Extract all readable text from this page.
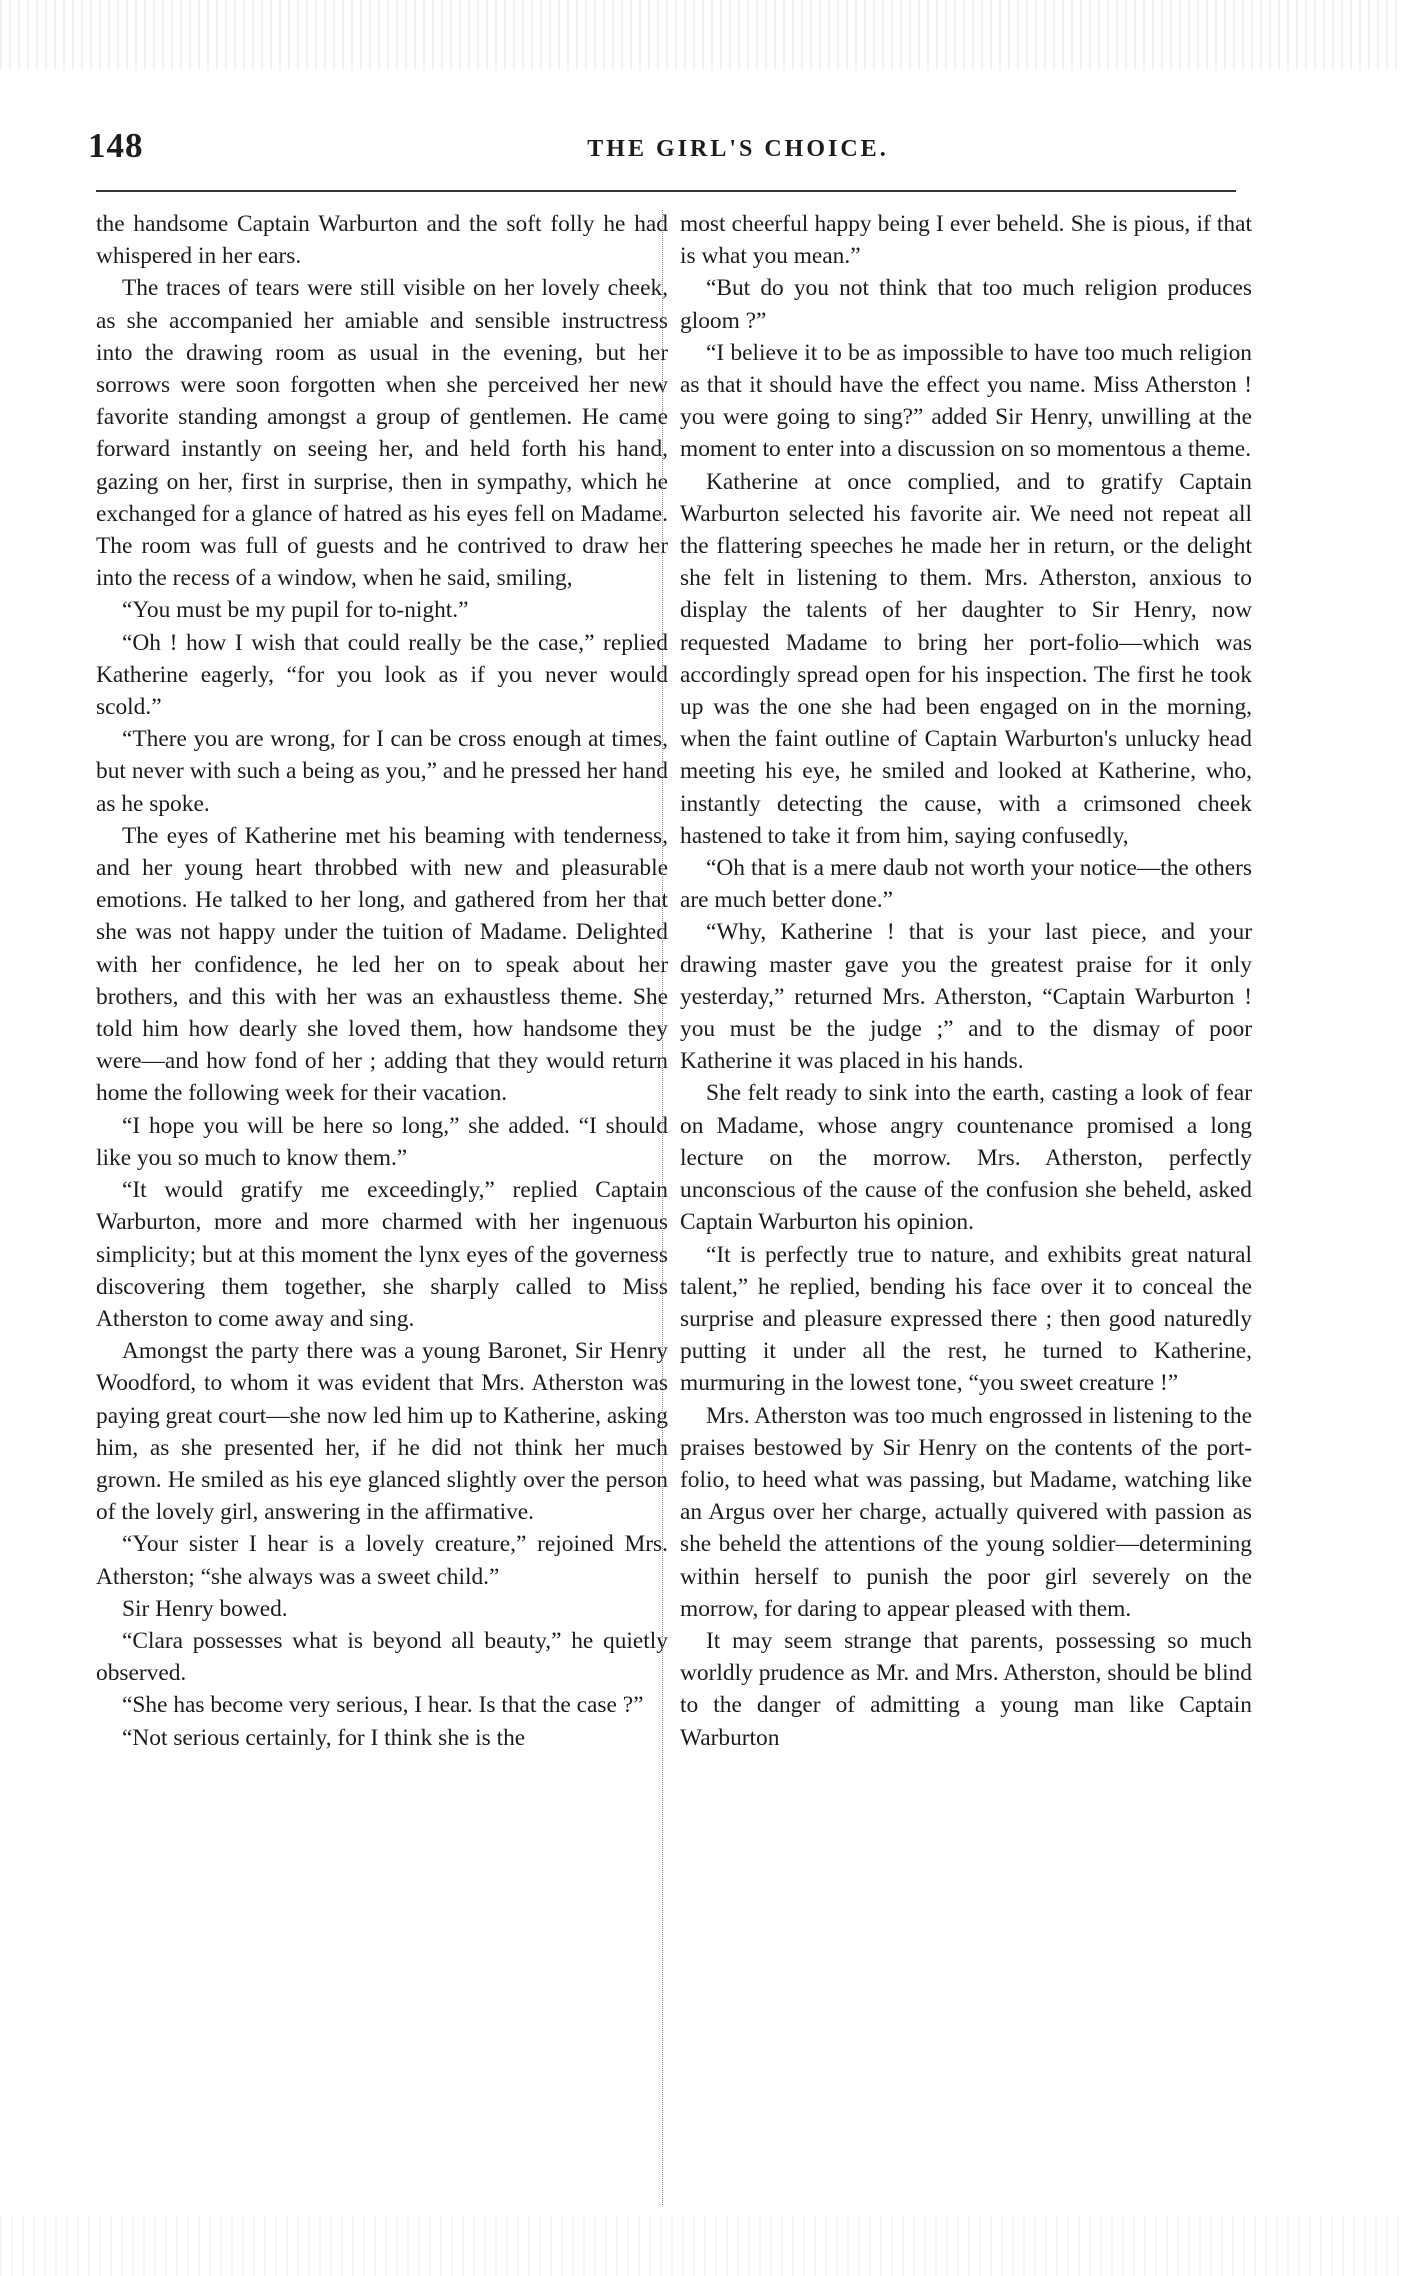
148	THE GIRL'S CHOICE.

the handsome Captain Warburton and the soft folly he had whispered in her ears.

The traces of tears were still visible on her lovely cheek, as she accompanied her amiable and sensible instructress into the drawing room as usual in the evening, but her sorrows were soon forgotten when she perceived her new favorite standing amongst a group of gentlemen. He came forward instantly on seeing her, and held forth his hand, gazing on her, first in surprise, then in sympathy, which he exchanged for a glance of hatred as his eyes fell on Madame. The room was full of guests and he contrived to draw her into the recess of a window, when he said, smiling,

“You must be my pupil for to-night.”

“Oh ! how I wish that could really be the case,” replied Katherine eagerly, “for you look as if you never would scold.”

“There you are wrong, for I can be cross enough at times, but never with such a being as you,” and he pressed her hand as he spoke.

The eyes of Katherine met his beaming with tenderness, and her young heart throbbed with new and pleasurable emotions. He talked to her long, and gathered from her that she was not happy under the tuition of Madame. Delighted with her confidence, he led her on to speak about her brothers, and this with her was an exhaustless theme. She told him how dearly she loved them, how handsome they were—and how fond of her ; adding that they would return home the following week for their vacation.

“I hope you will be here so long,” she added. “I should like you so much to know them.”

“It would gratify me exceedingly,” replied Captain Warburton, more and more charmed with her ingenuous simplicity; but at this moment the lynx eyes of the governess discovering them together, she sharply called to Miss Atherston to come away and sing.

Amongst the party there was a young Baronet, Sir Henry Woodford, to whom it was evident that Mrs. Atherston was paying great court—she now led him up to Katherine, asking him, as she presented her, if he did not think her much grown. He smiled as his eye glanced slightly over the person of the lovely girl, answering in the affirmative.

“Your sister I hear is a lovely creature,” rejoined Mrs. Atherston; “she always was a sweet child.”

Sir Henry bowed.

“Clara possesses what is beyond all beauty,” he quietly observed.

“She has become very serious, I hear. Is that the case ?”

“Not serious certainly, for I think she is the

most cheerful happy being I ever beheld. She is pious, if that is what you mean.”

“But do you not think that too much religion produces gloom ?”

“I believe it to be as impossible to have too much religion as that it should have the effect you name. Miss Atherston ! you were going to sing?” added Sir Henry, unwilling at the moment to enter into a discussion on so momentous a theme.

Katherine at once complied, and to gratify Captain Warburton selected his favorite air. We need not repeat all the flattering speeches he made her in return, or the delight she felt in listening to them. Mrs. Atherston, anxious to display the talents of her daughter to Sir Henry, now requested Madame to bring her port-folio—which was accordingly spread open for his inspection. The first he took up was the one she had been engaged on in the morning, when the faint outline of Captain Warburton's unlucky head meeting his eye, he smiled and looked at Katherine, who, instantly detecting the cause, with a crimsoned cheek hastened to take it from him, saying confusedly,

“Oh that is a mere daub not worth your notice—the others are much better done.”

“Why, Katherine ! that is your last piece, and your drawing master gave you the greatest praise for it only yesterday,” returned Mrs. Atherston, “Captain Warburton ! you must be the judge ;” and to the dismay of poor Katherine it was placed in his hands.

She felt ready to sink into the earth, casting a look of fear on Madame, whose angry countenance promised a long lecture on the morrow. Mrs. Atherston, perfectly unconscious of the cause of the confusion she beheld, asked Captain Warburton his opinion.

“It is perfectly true to nature, and exhibits great natural talent,” he replied, bending his face over it to conceal the surprise and pleasure expressed there ; then good naturedly putting it under all the rest, he turned to Katherine, murmuring in the lowest tone, “you sweet creature !”

Mrs. Atherston was too much engrossed in listening to the praises bestowed by Sir Henry on the contents of the port-folio, to heed what was passing, but Madame, watching like an Argus over her charge, actually quivered with passion as she beheld the attentions of the young soldier—determining within herself to punish the poor girl severely on the morrow, for daring to appear pleased with them.

It may seem strange that parents, possessing so much worldly prudence as Mr. and Mrs. Atherston, should be blind to the danger of admitting a young man like Captain Warburton
